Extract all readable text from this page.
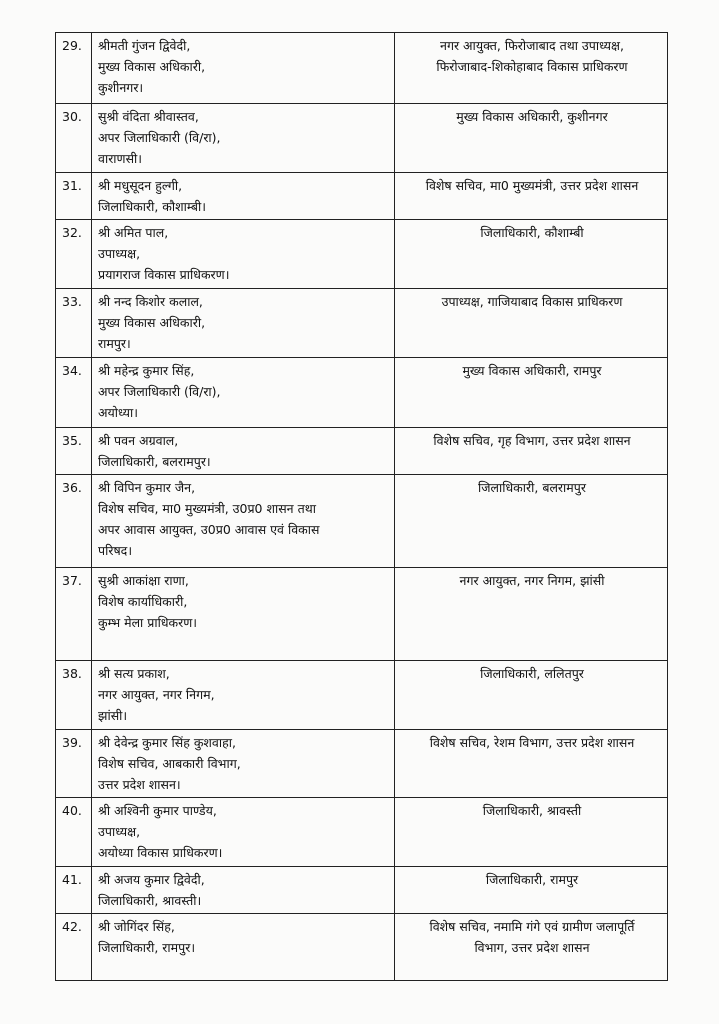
29.	श्रीमती गुंजन द्विवेदी,
मुख्य विकास अधिकारी,
कुशीनगर।	नगर आयुक्त, फिरोजाबाद तथा उपाध्यक्ष,
फिरोजाबाद-शिकोहाबाद विकास प्राधिकरण

30.	सुश्री वंदिता श्रीवास्तव,
अपर जिलाधिकारी (वि/रा),
वाराणसी।	मुख्य विकास अधिकारी, कुशीनगर

31.	श्री मधुसूदन हुल्गी,
जिलाधिकारी, कौशाम्बी।	विशेष सचिव, मा0 मुख्यमंत्री, उत्तर प्रदेश शासन

32.	श्री अमित पाल,
उपाध्यक्ष,
प्रयागराज विकास प्राधिकरण।	जिलाधिकारी, कौशाम्बी

33.	श्री नन्द किशोर कलाल,
मुख्य विकास अधिकारी,
रामपुर।	उपाध्यक्ष, गाजियाबाद विकास प्राधिकरण

34.	श्री महेन्द्र कुमार सिंह,
अपर जिलाधिकारी (वि/रा),
अयोध्या।	मुख्य विकास अधिकारी, रामपुर

35.	श्री पवन अग्रवाल,
जिलाधिकारी, बलरामपुर।	विशेष सचिव, गृह विभाग, उत्तर प्रदेश शासन

36.	श्री विपिन कुमार जैन,
विशेष सचिव, मा0 मुख्यमंत्री, उ0प्र0 शासन तथा
अपर आवास आयुक्त, उ0प्र0 आवास एवं विकास
परिषद।	जिलाधिकारी, बलरामपुर

37.	सुश्री आकांक्षा राणा,
विशेष कार्याधिकारी,
कुम्भ मेला प्राधिकरण।	नगर आयुक्त, नगर निगम, झांसी

38.	श्री सत्य प्रकाश,
नगर आयुक्त, नगर निगम,
झांसी।	जिलाधिकारी, ललितपुर

39.	श्री देवेन्द्र कुमार सिंह कुशवाहा,
विशेष सचिव, आबकारी विभाग,
उत्तर प्रदेश शासन।	विशेष सचिव, रेशम विभाग, उत्तर प्रदेश शासन

40.	श्री अश्विनी कुमार पाण्डेय,
उपाध्यक्ष,
अयोध्या विकास प्राधिकरण।	जिलाधिकारी, श्रावस्ती

41.	श्री अजय कुमार द्विवेदी,
जिलाधिकारी, श्रावस्ती।	जिलाधिकारी, रामपुर

42.	श्री जोगिंदर सिंह,
जिलाधिकारी, रामपुर।	विशेष सचिव, नमामि गंगे एवं ग्रामीण जलापूर्ति
विभाग, उत्तर प्रदेश शासन
